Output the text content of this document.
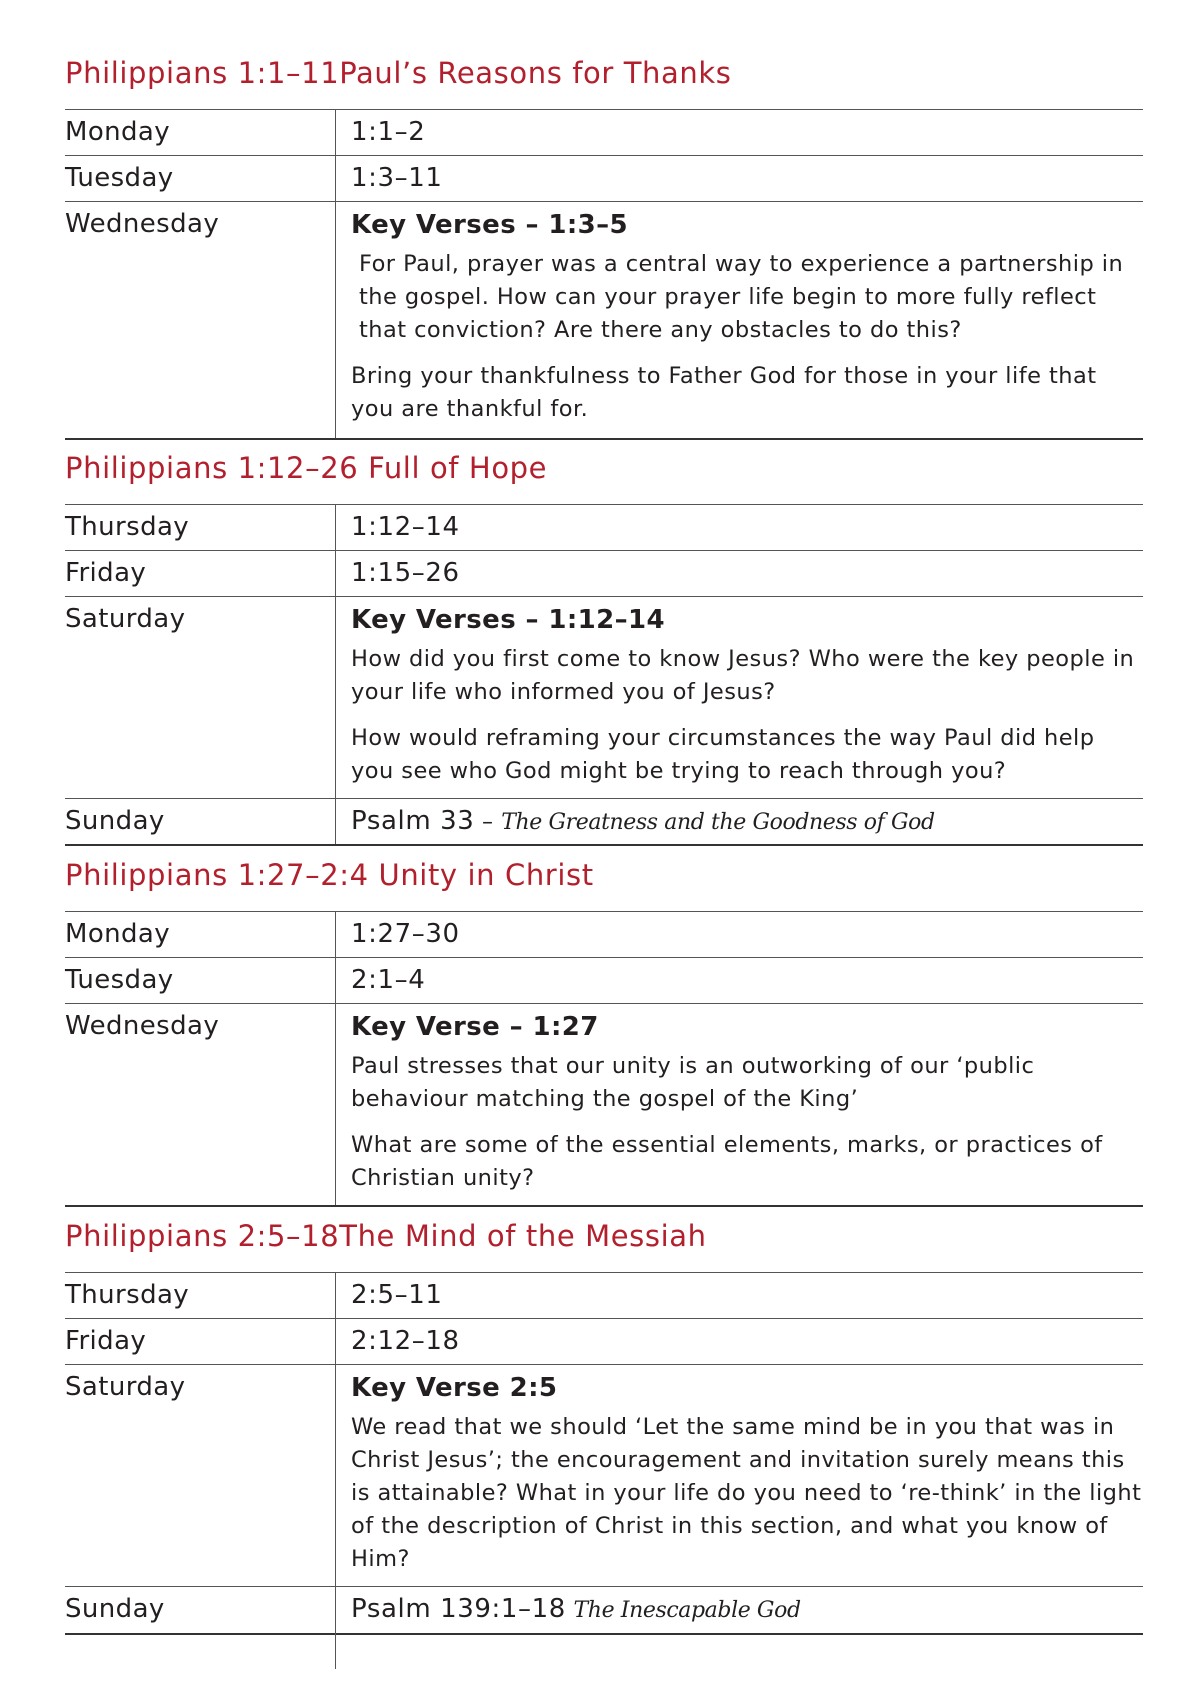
Philippians 1:1–11Paul’s Reasons for Thanks
Monday	1:1–2
Tuesday	1:3–11
Wednesday	Key Verses – 1:3–5

For Paul, prayer was a central way to experience a partnership in the gospel. How can your prayer life begin to more fully reflect that conviction? Are there any obstacles to do this?

Bring your thankfulness to Father God for those in your life that you are thankful for.

Philippians 1:12–26 Full of Hope
Thursday	1:12–14
Friday	1:15–26
Saturday	Key Verses – 1:12–14

How did you first come to know Jesus? Who were the key people in your life who informed you of Jesus?

How would reframing your circumstances the way Paul did help you see who God might be trying to reach through you?

Sunday	Psalm 33 – The Greatness and the Goodness of God
Philippians 1:27–2:4 Unity in Christ
Monday	1:27–30
Tuesday	2:1–4
Wednesday	Key Verse – 1:27

Paul stresses that our unity is an outworking of our ‘public behaviour matching the gospel of the King’

What are some of the essential elements, marks, or practices of Christian unity?

Philippians 2:5–18The Mind of the Messiah
Thursday	2:5–11
Friday	2:12–18
Saturday	Key Verse 2:5

We read that we should ‘Let the same mind be in you that was in Christ Jesus’; the encouragement and invitation surely means this is attainable? What in your life do you need to ‘re-think’ in the light of the description of Christ in this section, and what you know of Him?

Sunday	Psalm 139:1–18 The Inescapable God
